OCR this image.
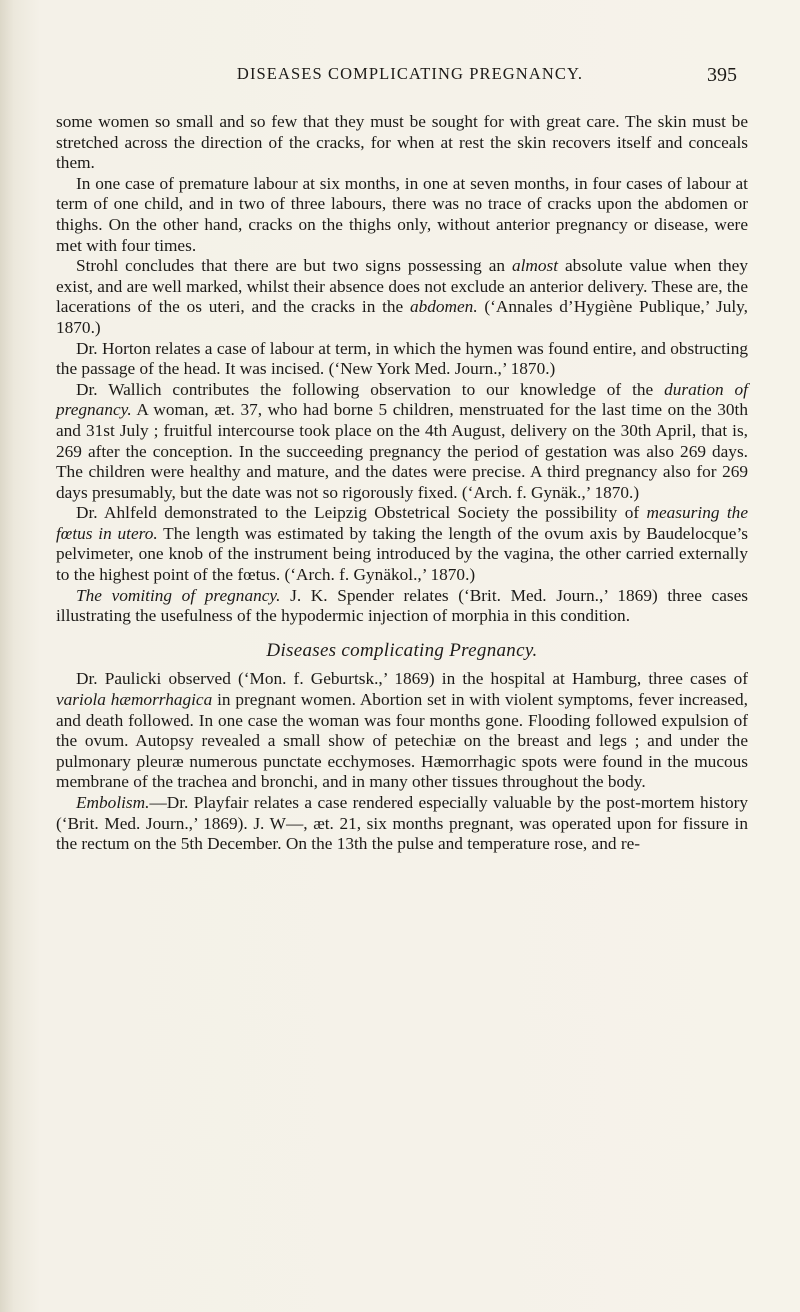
DISEASES COMPLICATING PREGNANCY.	395

some women so small and so few that they must be sought for with great care. The skin must be stretched across the direction of the cracks, for when at rest the skin recovers itself and conceals them.

In one case of premature labour at six months, in one at seven months, in four cases of labour at term of one child, and in two of three labours, there was no trace of cracks upon the abdomen or thighs. On the other hand, cracks on the thighs only, without anterior pregnancy or disease, were met with four times.

Strohl concludes that there are but two signs possessing an almost absolute value when they exist, and are well marked, whilst their absence does not exclude an anterior delivery. These are, the lacerations of the os uteri, and the cracks in the abdomen. (‘Annales d’Hygiène Publique,’ July, 1870.)

Dr. Horton relates a case of labour at term, in which the hymen was found entire, and obstructing the passage of the head. It was incised. (‘New York Med. Journ.,’ 1870.)

Dr. Wallich contributes the following observation to our knowledge of the duration of pregnancy. A woman, æt. 37, who had borne 5 children, menstruated for the last time on the 30th and 31st July ; fruitful intercourse took place on the 4th August, delivery on the 30th April, that is, 269 after the conception. In the succeeding pregnancy the period of gestation was also 269 days. The children were healthy and mature, and the dates were precise. A third pregnancy also for 269 days presumably, but the date was not so rigorously fixed. (‘Arch. f. Gynäk.,’ 1870.)

Dr. Ahlfeld demonstrated to the Leipzig Obstetrical Society the possibility of measuring the fœtus in utero. The length was estimated by taking the length of the ovum axis by Baudelocque’s pelvimeter, one knob of the instrument being introduced by the vagina, the other carried externally to the highest point of the fœtus. (‘Arch. f. Gynäkol.,’ 1870.)

The vomiting of pregnancy. J. K. Spender relates (‘Brit. Med. Journ.,’ 1869) three cases illustrating the usefulness of the hypodermic injection of morphia in this condition.

Diseases complicating Pregnancy.

Dr. Paulicki observed (‘Mon. f. Geburtsk.,’ 1869) in the hospital at Hamburg, three cases of variola hæmorrhagica in pregnant women. Abortion set in with violent symptoms, fever increased, and death followed. In one case the woman was four months gone. Flooding followed expulsion of the ovum. Autopsy revealed a small show of petechiæ on the breast and legs ; and under the pulmonary pleuræ numerous punctate ecchymoses. Hæmorrhagic spots were found in the mucous membrane of the trachea and bronchi, and in many other tissues throughout the body.

Embolism.—Dr. Playfair relates a case rendered especially valuable by the post-mortem history (‘Brit. Med. Journ.,’ 1869). J. W—, æt. 21, six months pregnant, was operated upon for fissure in the rectum on the 5th December. On the 13th the pulse and temperature rose, and re-
